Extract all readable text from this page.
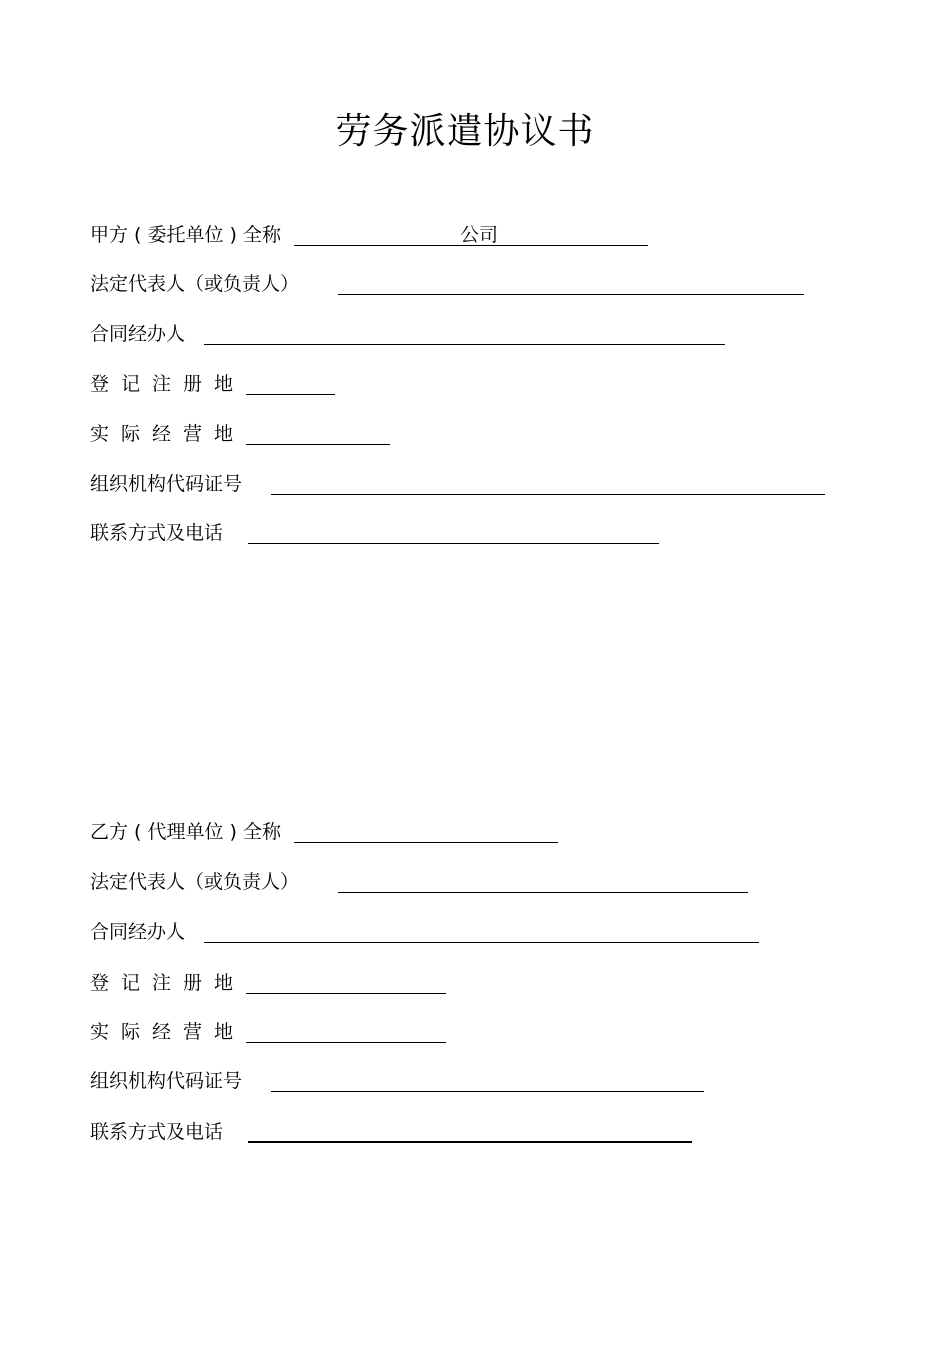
劳务派遣协议书
甲方 ( 委托单位 ) 全称	公司
法定代表人（或负责人）
合同经办人
登记注册地
实际经营地
组织机构代码证号
联系方式及电话
乙方 ( 代理单位 ) 全称
法定代表人（或负责人）
合同经办人
登记注册地
实际经营地
组织机构代码证号
联系方式及电话
